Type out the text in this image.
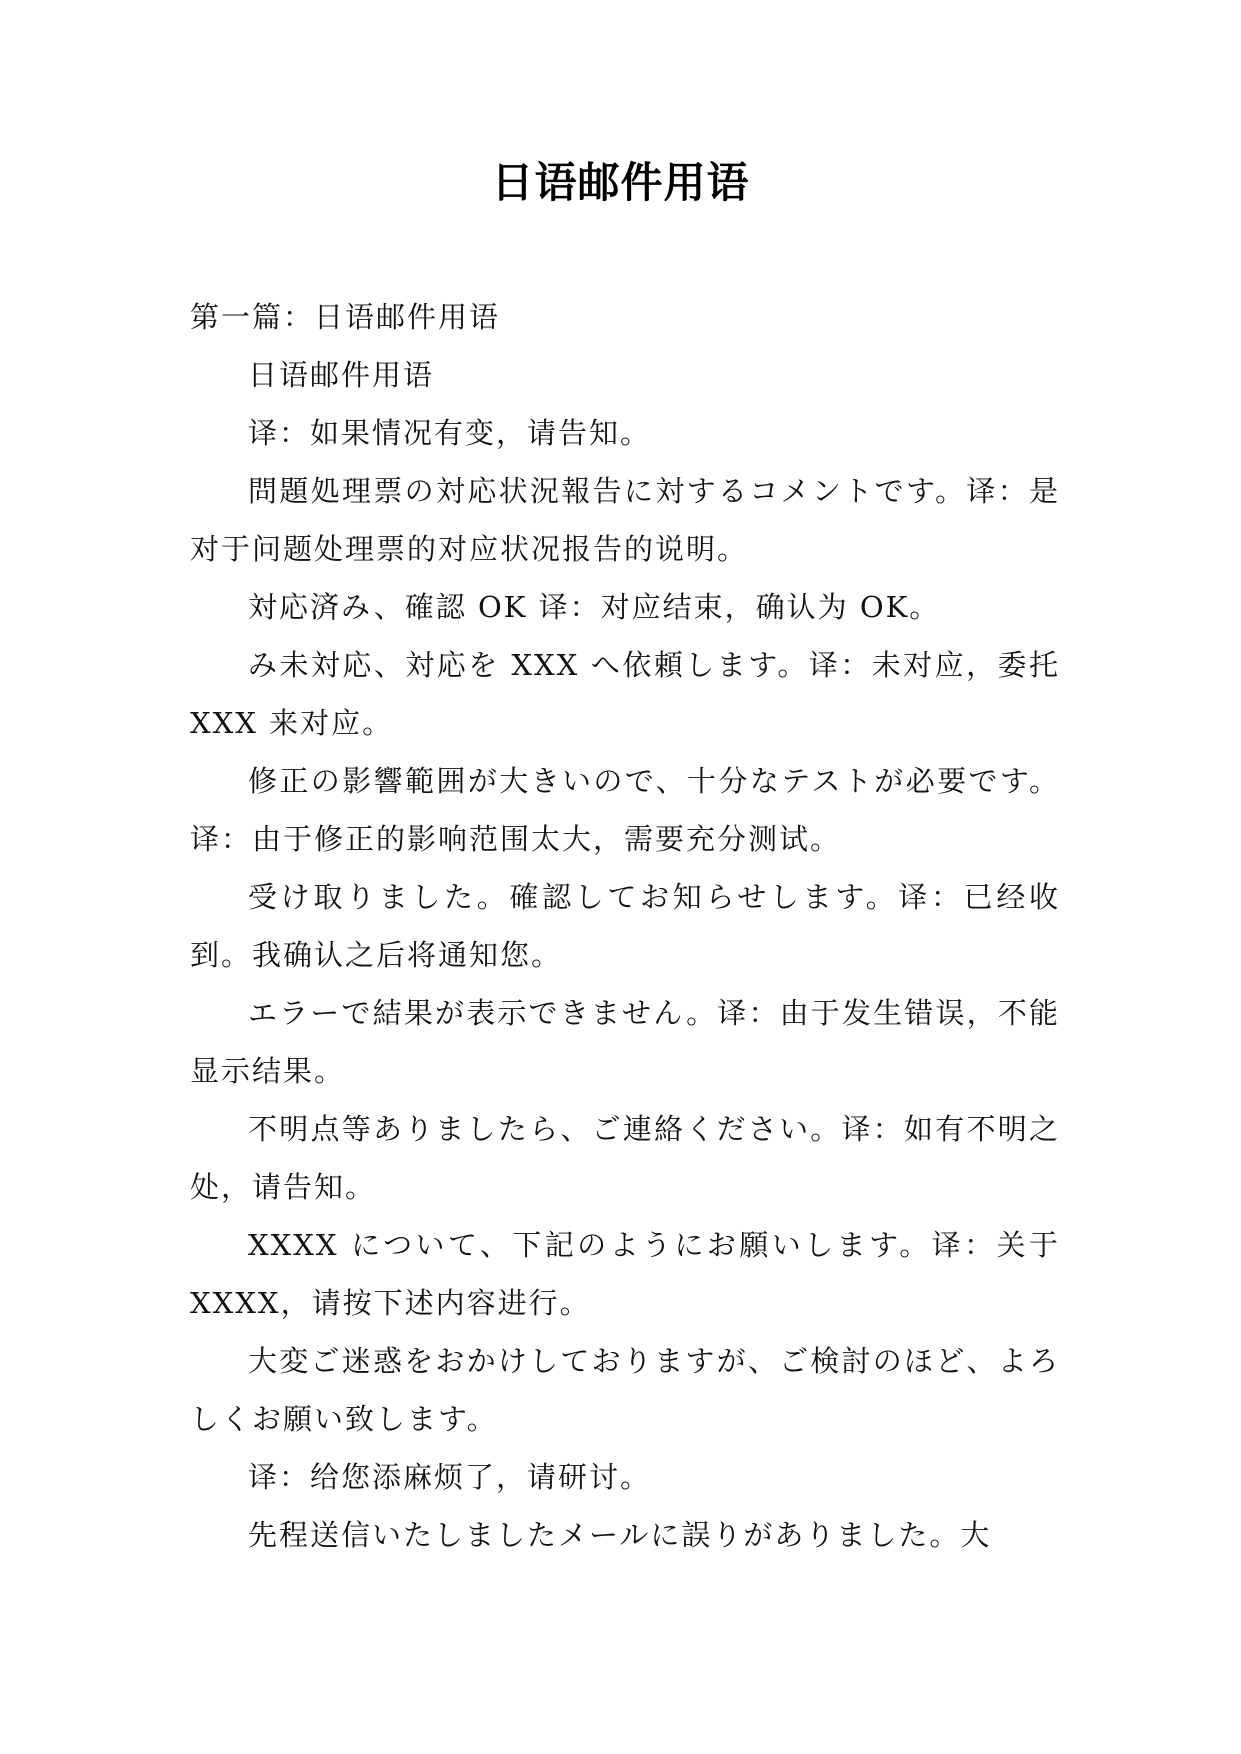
日语邮件用语

第一篇：日语邮件用语

日语邮件用语

译：如果情况有变，请告知。

問題処理票の対応状況報告に対するコメントです。译：是对于问题处理票的对应状况报告的说明。

対応済み、確認 OK 译：对应结束，确认为 OK。

み未対応、対応を XXX へ依頼します。译：未对应，委托 XXX 来对应。

修正の影響範囲が大きいので、十分なテストが必要です。译：由于修正的影响范围太大，需要充分测试。

受け取りました。確認してお知らせします。译：已经收到。我确认之后将通知您。

エラーで結果が表示できません。译：由于发生错误，不能显示结果。

不明点等ありましたら、ご連絡ください。译：如有不明之处，请告知。

XXXX について、下記のようにお願いします。译：关于 XXXX，请按下述内容进行。

大変ご迷惑をおかけしておりますが、ご検討のほど、よろしくお願い致します。

译：给您添麻烦了，请研讨。

先程送信いたしましたメールに誤りがありました。大
